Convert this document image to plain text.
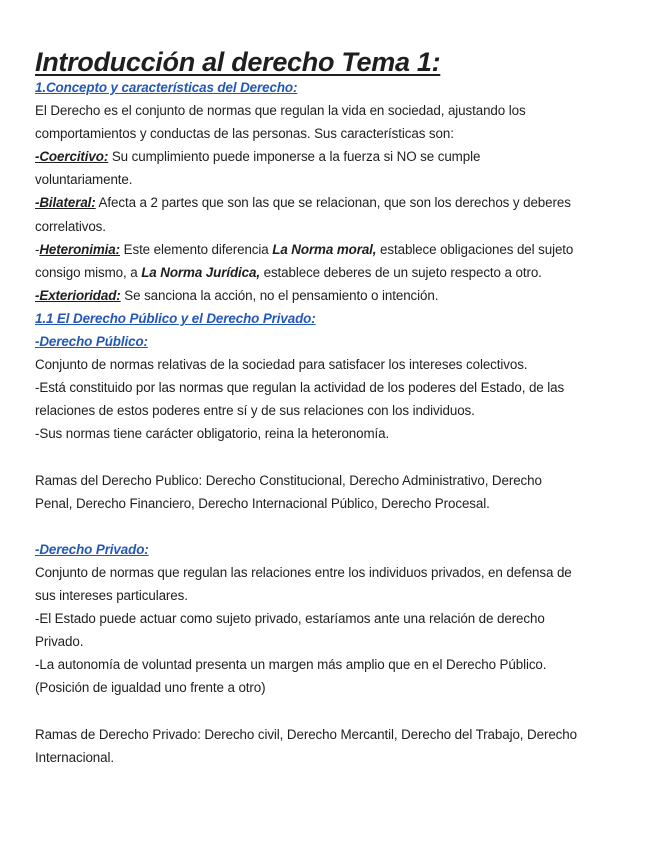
Introducción al derecho Tema 1:

1.Concepto y características del Derecho:

El Derecho es el conjunto de normas que regulan la vida en sociedad, ajustando los

comportamientos y conductas de las personas. Sus características son:

-Coercitivo: Su cumplimiento puede imponerse a la fuerza si NO se cumple

voluntariamente.

-Bilateral: Afecta a 2 partes que son las que se relacionan, que son los derechos y deberes

correlativos.

-Heteronimia: Este elemento diferencia La Norma moral, establece obligaciones del sujeto

consigo mismo, a La Norma Jurídica, establece deberes de un sujeto respecto a otro.

-Exterioridad: Se sanciona la acción, no el pensamiento o intención.

1.1 El Derecho Público y el Derecho Privado:

-Derecho Público:

Conjunto de normas relativas de la sociedad para satisfacer los intereses colectivos.

-Está constituido por las normas que regulan la actividad de los poderes del Estado, de las

relaciones de estos poderes entre sí y de sus relaciones con los individuos.

-Sus normas tiene carácter obligatorio, reina la heteronomía.

Ramas del Derecho Publico: Derecho Constitucional, Derecho Administrativo, Derecho

Penal, Derecho Financiero, Derecho Internacional Público, Derecho Procesal.

-Derecho Privado:

Conjunto de normas que regulan las relaciones entre los individuos privados, en defensa de

sus intereses particulares.

-El Estado puede actuar como sujeto privado, estaríamos ante una relación de derecho

Privado.

-La autonomía de voluntad presenta un margen más amplio que en el Derecho Público.

(Posición de igualdad uno frente a otro)

Ramas de Derecho Privado: Derecho civil, Derecho Mercantil, Derecho del Trabajo, Derecho

Internacional.
